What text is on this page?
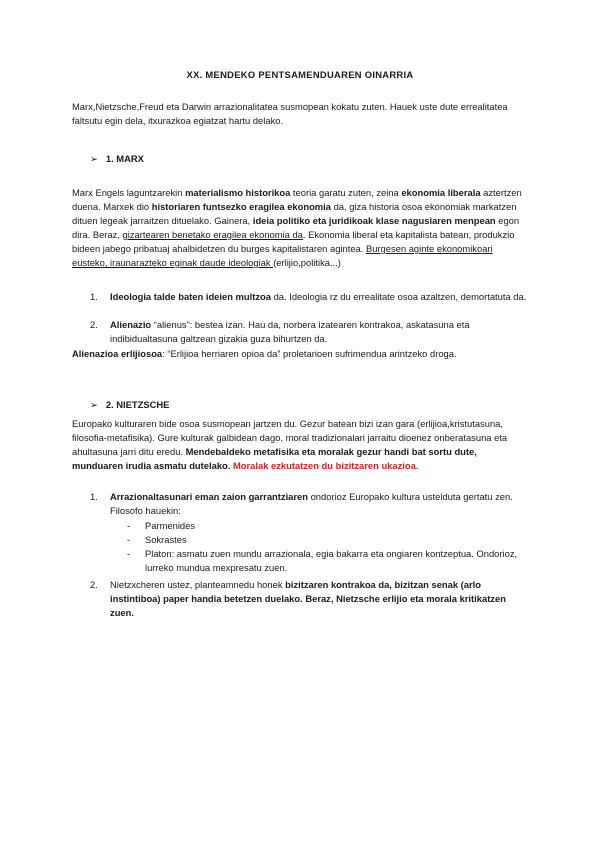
XX. MENDEKO PENTSAMENDUAREN OINARRIA
Marx,Nietzsche,Freud eta Darwin arrazionalitatea susmopean kokatu zuten. Hauek uste dute errealitatea faltsutu egin dela, itxurazkoa egiatzat hartu delako.
➢ 1. MARX
Marx Engels laguntzarekin materialismo historikoa teoria garatu zuten, zeina ekonomia liberala aztertzen duena. Marxek dio historiaren funtsezko eragilea ekonomia da, giza historia osoa ekonomiak markatzen dituen legeak jarraitzen dituelako. Gainera, ideia politiko eta juridikoak klase nagusiaren menpean egon dira. Beraz, gizartearen benetako eragilea ekonomia da. Ekonomia liberal eta kapitalista batean, produkzio bideen jabego pribatuaj ahalbidetzen du burges kapitalistaren agintea. Burgesen aginte ekonomikoari eusteko, iraunarazteko eginak daude ideologiak (erlijio,politika...)
1. Ideologia talde baten ideien multzoa da. Ideologia rz du errealitate osoa azaltzen, demortatuta da.
2. Alienazio “alienus”: bestea izan. Hau da, norbera izatearen kontrakoa, askatasuna eta indibidualtasuna galtzean gizakia guza bihurtzen da.
Alienazioa erlijiosoa: “Erlijioa herriaren opioa da” proletarioen sufrimendua arintzeko droga.
➢ 2. NIETZSCHE
Europako kulturaren bide osoa susmopean jartzen du. Gezur batean bizi izan gara (erlijioa,kristutasuna, filosofia-metafisika). Gure kulturak galbidean dago, moral tradizionalari jarraitu dioenez onberatasuna eta ahultasuna jarri ditu eredu. Mendebaldeko metafisika eta moralak gezur handi bat sortu dute, munduaren irudia asmatu dutelako. Moralak ezkutatzen du bizitzaren ukazioa.
1. Arrazionaltasunari eman zaion garrantziaren ondorioz Europako kultura ustelduta gertatu zen. Filosofo hauekin:
- Parmenides
- Sokrastes
- Platon: asmatu zuen mundu arrazionala, egia bakarra eta ongiaren kontzeptua. Ondorioz, lurreko mundua mexpresatu zuen.
2. Nietzxcheren ustez, planteamnedu honek bizitzaren kontrakoa da, bizitzan senak (arlo instintiboa) paper handia betetzen duelako. Beraz, Nietzsche erlijio eta morala kritikatzen zuen.
